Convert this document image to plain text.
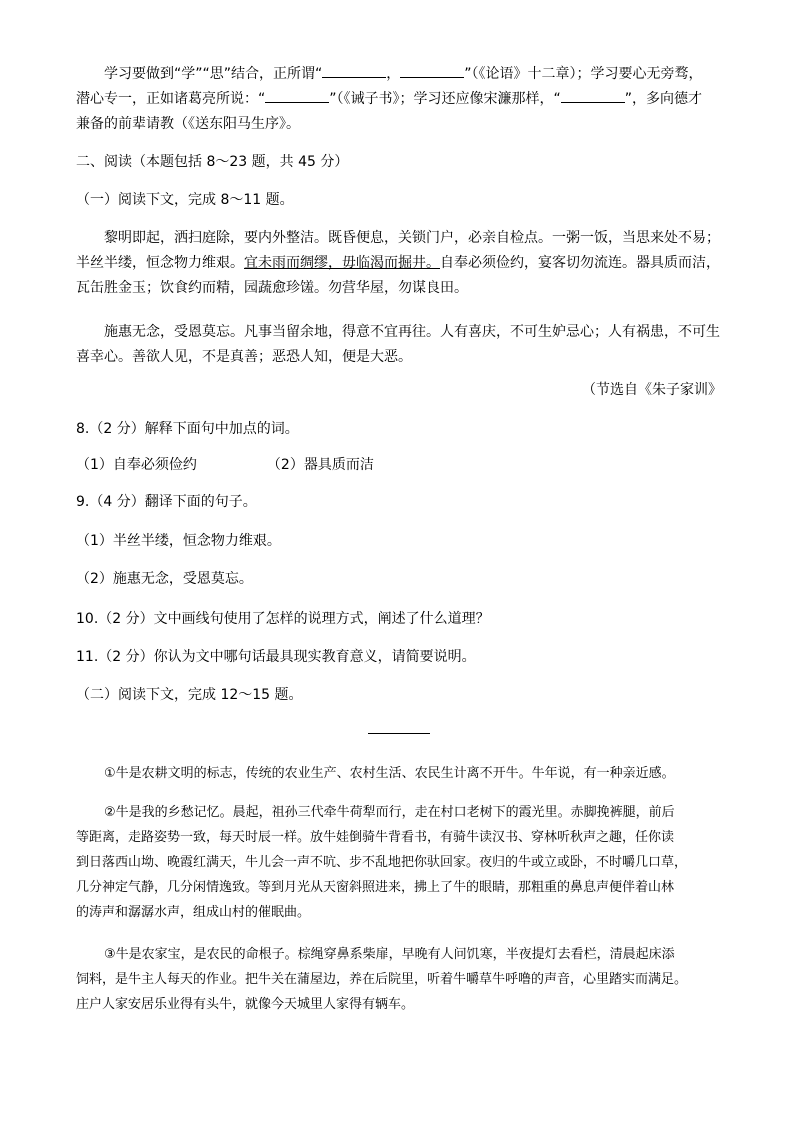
学习要做到“学”“思”结合，正所谓“	，	”（《论语》十二章）；学习要心无旁骛，
潜心专一，正如诸葛亮所说：“	”（《诫子书》；学习还应像宋濂那样，“	”，多向德才
兼备的前辈请教（《送东阳马生序》。
二、阅读（本题包括 8～23 题，共 45 分）
（一）阅读下文，完成 8～11 题。
黎明即起，洒扫庭除，要内外整洁。既昏便息，关锁门户，必亲自检点。一粥一饭，当思来处不易；
半丝半缕，恒念物力维艰。宜未雨而绸缪，毋临渴而掘井。自奉必须俭约，宴客切勿流连。器具质而洁，
瓦缶胜金玉；饮食约而精，园蔬愈珍馐。勿营华屋，勿谋良田。
施惠无念，受恩莫忘。凡事当留余地，得意不宜再往。人有喜庆，不可生妒忌心；人有祸患，不可生
喜幸心。善欲人见，不是真善；恶恐人知，便是大恶。
（节选自《朱子家训》
8.（2 分）解释下面句中加点的词。
（1）自奉必须俭约	（2）器具质而洁
9.（4 分）翻译下面的句子。
（1）半丝半缕，恒念物力维艰。
（2）施惠无念，受恩莫忘。
10.（2 分）文中画线句使用了怎样的说理方式，阐述了什么道理？
11.（2 分）你认为文中哪句话最具现实教育意义，请简要说明。
（二）阅读下文，完成 12～15 题。
①牛是农耕文明的标志，传统的农业生产、农村生活、农民生计离不开牛。牛年说，有一种亲近感。
②牛是我的乡愁记忆。晨起，祖孙三代牵牛荷犁而行，走在村口老树下的霞光里。赤脚挽裤腿，前后
等距离，走路姿势一致，每天时辰一样。放牛娃倒骑牛背看书，有骑牛读汉书、穿林听秋声之趣，任你读
到日落西山坳、晚霞红满天，牛儿会一声不吭、步不乱地把你驮回家。夜归的牛或立或卧，不时嚼几口草，
几分神定气静，几分闲情逸致。等到月光从天窗斜照进来，拂上了牛的眼睛，那粗重的鼻息声便伴着山林
的涛声和潺潺水声，组成山村的催眠曲。
③牛是农家宝，是农民的命根子。棕绳穿鼻系柴扉，早晚有人问饥寒，半夜提灯去看栏，清晨起床添
饲料，是牛主人每天的作业。把牛关在蒲屋边，养在后院里，听着牛嚼草牛呼噜的声音，心里踏实而满足。
庄户人家安居乐业得有头牛，就像今天城里人家得有辆车。
